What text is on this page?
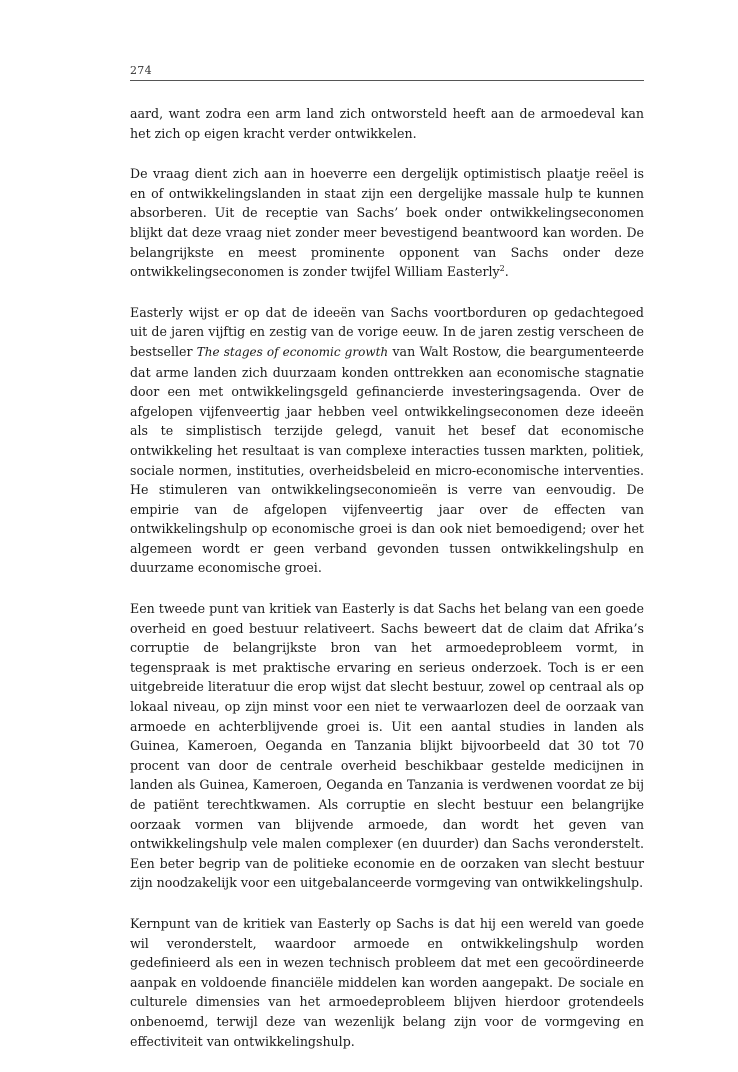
274

aard, want zodra een arm land zich ontworsteld heeft aan de armoedeval kan het zich op eigen kracht verder ontwikkelen.

De vraag dient zich aan in hoeverre een dergelijk optimistisch plaatje reëel is en of ontwikkelingslanden in staat zijn een dergelijke massale hulp te kunnen absorberen. Uit de receptie van Sachs’ boek onder ontwikkelingseconomen blijkt dat deze vraag niet zonder meer bevestigend beantwoord kan worden. De belangrijkste en meest prominente opponent van Sachs onder deze ontwikkelingseconomen is zonder twijfel William Easterly$^2$.

Easterly wijst er op dat de ideeën van Sachs voortborduren op gedachtegoed uit de jaren vijftig en zestig van de vorige eeuw. In de jaren zestig verscheen de bestseller The stages of economic growth van Walt Rostow, die beargumenteerde dat arme landen zich duurzaam konden onttrekken aan economische stagnatie door een met ontwikkelingsgeld gefinancierde investeringsagenda. Over de afgelopen vijfenveertig jaar hebben veel ontwikkelingseconomen deze ideeën als te simplistisch terzijde gelegd, vanuit het besef dat economische ontwikkeling het resultaat is van complexe interacties tussen markten, politiek, sociale normen, instituties, overheidsbeleid en micro-economische interventies. He stimuleren van ontwikkelingseconomieën is verre van eenvoudig. De empirie van de afgelopen vijfenveertig jaar over de effecten van ontwikkelingshulp op economische groei is dan ook niet bemoedigend; over het algemeen wordt er geen verband gevonden tussen ontwikkelingshulp en duurzame economische groei.

Een tweede punt van kritiek van Easterly is dat Sachs het belang van een goede overheid en goed bestuur relativeert. Sachs beweert dat de claim dat Afrika’s corruptie de belangrijkste bron van het armoedeprobleem vormt, in tegenspraak is met praktische ervaring en serieus onderzoek. Toch is er een uitgebreide literatuur die erop wijst dat slecht bestuur, zowel op centraal als op lokaal niveau, op zijn minst voor een niet te verwaarlozen deel de oorzaak van armoede en achterblijvende groei is. Uit een aantal studies in landen als Guinea, Kameroen, Oeganda en Tanzania blijkt bijvoorbeeld dat 30 tot 70 procent van door de centrale overheid beschikbaar gestelde medicijnen in landen als Guinea, Kameroen, Oeganda en Tanzania is verdwenen voordat ze bij de patiënt terechtkwamen. Als corruptie en slecht bestuur een belangrijke oorzaak vormen van blijvende armoede, dan wordt het geven van ontwikkelingshulp vele malen complexer (en duurder) dan Sachs veronderstelt. Een beter begrip van de politieke economie en de oorzaken van slecht bestuur zijn noodzakelijk voor een uitgebalanceerde vormgeving van ontwikkelingshulp.

Kernpunt van de kritiek van Easterly op Sachs is dat hij een wereld van goede wil veronderstelt, waardoor armoede en ontwikkelingshulp worden gedefinieerd als een in wezen technisch probleem dat met een gecoördineerde aanpak en voldoende financiële middelen kan worden aangepakt. De sociale en culturele dimensies van het armoedeprobleem blijven hierdoor grotendeels onbenoemd, terwijl deze van wezenlijk belang zijn voor de vormgeving en effectiviteit van ontwikkelingshulp.
